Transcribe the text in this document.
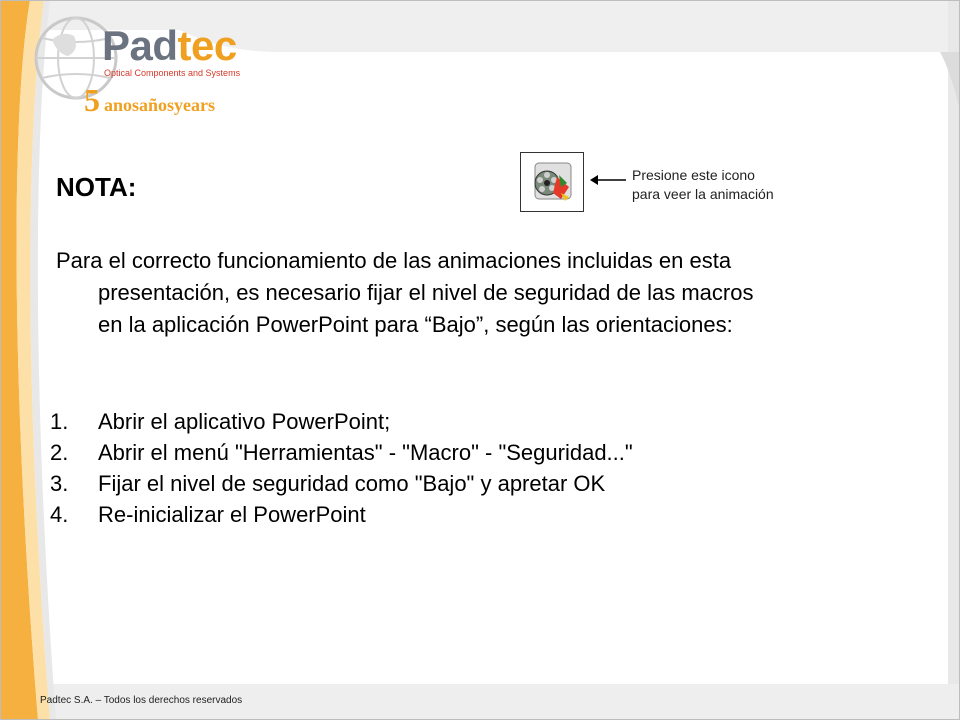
Padtec
Optical Components and Systems
5 anosañosyears
NOTA:	Presione este icono
para veer la animación
Para el correcto funcionamiento de las animaciones incluidas en esta
presentación, es necesario fijar el nivel de seguridad de las macros
en la aplicación PowerPoint para “Bajo”, según las orientaciones:
1.	Abrir el aplicativo PowerPoint;
2.	Abrir el menú "Herramientas" - "Macro" - "Seguridad..."
3.	Fijar el nivel de seguridad como "Bajo" y apretar OK
4.	Re-inicializar el PowerPoint
Padtec S.A. – Todos los derechos reservados
